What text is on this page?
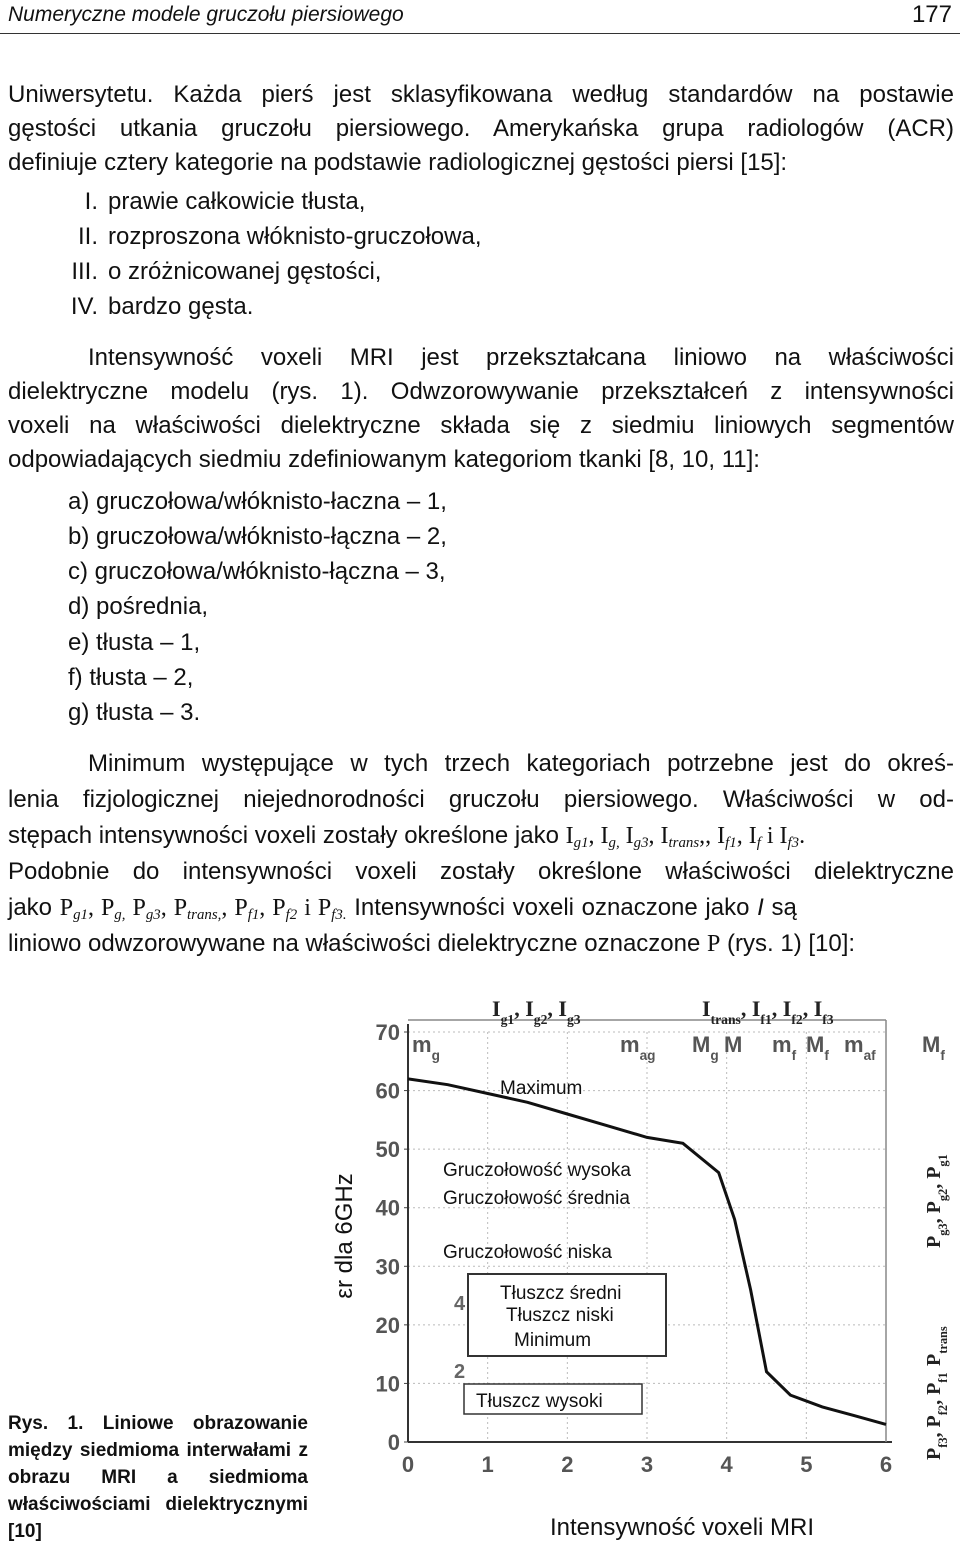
Numeryczne modele gruczołu piersiowego	177
Uniwersytetu. Każda pierś jest sklasyfikowana według standardów na postawie
gęstości utkania gruczołu piersiowego. Amerykańska grupa radiologów (ACR)
definiuje cztery kategorie na podstawie radiologicznej gęstości piersi [15]:
I. prawie całkowicie tłusta,
II. rozproszona włóknisto-gruczołowa,
III. o zróżnicowanej gęstości,
IV. bardzo gęsta.
Intensywność voxeli MRI jest przekształcana liniowo na właściwości
dielektryczne modelu (rys. 1). Odwzorowywanie przekształceń z intensywności
voxeli na właściwości dielektryczne składa się z siedmiu liniowych segmentów
odpowiadających siedmiu zdefiniowanym kategoriom tkanki [8, 10, 11]:
a) gruczołowa/włóknisto-łaczna – 1,
b) gruczołowa/włóknisto-łączna – 2,
c) gruczołowa/włóknisto-łączna – 3,
d) pośrednia,
e) tłusta – 1,
f) tłusta – 2,
g) tłusta – 3.
Minimum występujące w tych trzech kategoriach potrzebne jest do okreś-
lenia fizjologicznej niejednorodności gruczołu piersiowego. Właściwości w od-
stępach intensywności voxeli zostały określone jako $I_{g1}$, $I_{g,}$ $I_{g3}$, $I_{trans}$,, $I_{f1}$, $I_f$ i $I_{f3}$.
Podobnie do intensywności voxeli zostały określone właściwości dielektryczne
jako $P_{g1}$, $P_{g,}$ $P_{g3}$, $P_{trans,}$, $P_{f1}$, $P_{f2}$ i $P_{f3.}$ Intensywności voxeli oznaczone jako I są
liniowo odwzorowywane na właściwości dielektryczne oznaczone P (rys. 1) [10]:
0
10
20
30
40
50
60
70
0	1	2	3	4	5	6
$I_{g1}$, $I_{g2}$, $I_{g3}$	$I_{trans}$, $I_{f1}$, $I_{f2}$, $I_{f3}$
$m_g$	$m_{ag}$ $M_g$ M $m_f$ $M_f$ $m_{af}$ $M_f$
Maximum
Gruczołowość wysoka
Gruczołowość średnia
Gruczołowość niska
Tłuszcz średni
Tłuszcz niski
Minimum
Tłuszcz wysoki
4
2
εr dla 6GHz	$P_{g3}$, $P_{g2}$, $P_{g1}$
$P_{trans}$
$P_{f3}$, $P_{f2}$, $P_{f1}$
Intensywność voxeli MRI
Rys. 1. Liniowe obrazowanie między siedmioma interwałami z obrazu MRI a siedmioma właściwościami dielektrycznymi [10]
